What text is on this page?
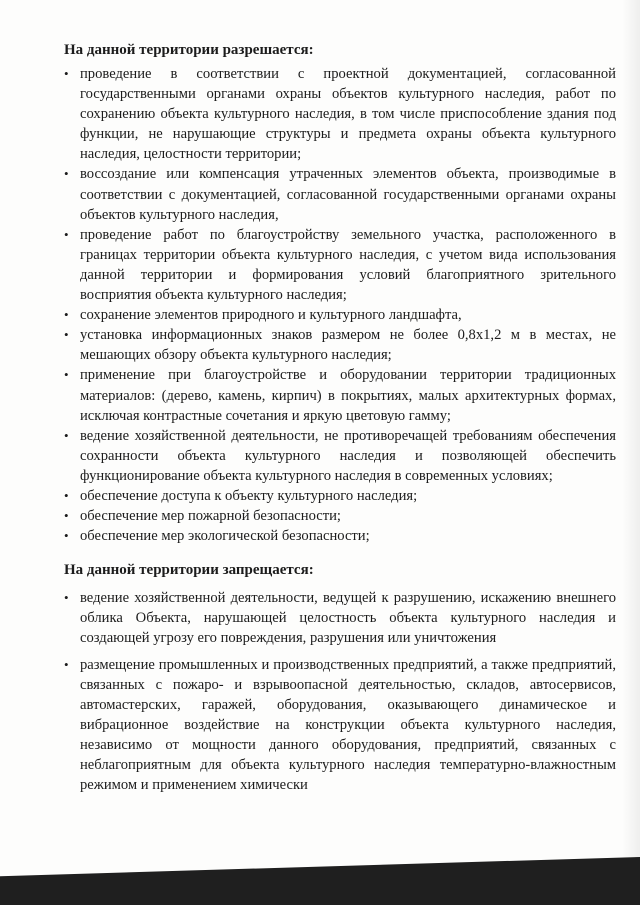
На данной территории разрешается:
• проведение в соответствии с проектной документацией, согласованной государственными органами охраны объектов культурного наследия, работ по сохранению объекта культурного наследия, в том числе приспособление здания под функции, не нарушающие структуры и предмета охраны объекта культурного наследия, целостности территории;
• воссоздание или компенсация утраченных элементов объекта, производимые в соответствии с документацией, согласованной государственными органами охраны объектов культурного наследия,
• проведение работ по благоустройству земельного участка, расположенного в границах территории объекта культурного наследия, с учетом вида использования данной территории и формирования условий благоприятного зрительного восприятия объекта культурного наследия;
• сохранение элементов природного и культурного ландшафта,
• установка информационных знаков размером не более 0,8х1,2 м в местах, не мешающих обзору объекта культурного наследия;
• применение при благоустройстве и оборудовании территории традиционных материалов: (дерево, камень, кирпич) в покрытиях, малых архитектурных формах, исключая контрастные сочетания и яркую цветовую гамму;
• ведение хозяйственной деятельности, не противоречащей требованиям обеспечения сохранности объекта культурного наследия и позволяющей обеспечить функционирование объекта культурного наследия в современных условиях;
• обеспечение доступа к объекту культурного наследия;
• обеспечение мер пожарной безопасности;
• обеспечение мер экологической безопасности;
На данной территории запрещается:
• ведение хозяйственной деятельности, ведущей к разрушению, искажению внешнего облика Объекта, нарушающей целостность объекта культурного наследия и создающей угрозу его повреждения, разрушения или уничтожения
• размещение промышленных и производственных предприятий, а также предприятий, связанных с пожаро- и взрывоопасной деятельностью, складов, автосервисов, автомастерских, гаражей, оборудования, оказывающего динамическое и вибрационное воздействие на конструкции объекта культурного наследия, независимо от мощности данного оборудования, предприятий, связанных с неблагоприятным для объекта культурного наследия температурно-влажностным режимом и применением химически
